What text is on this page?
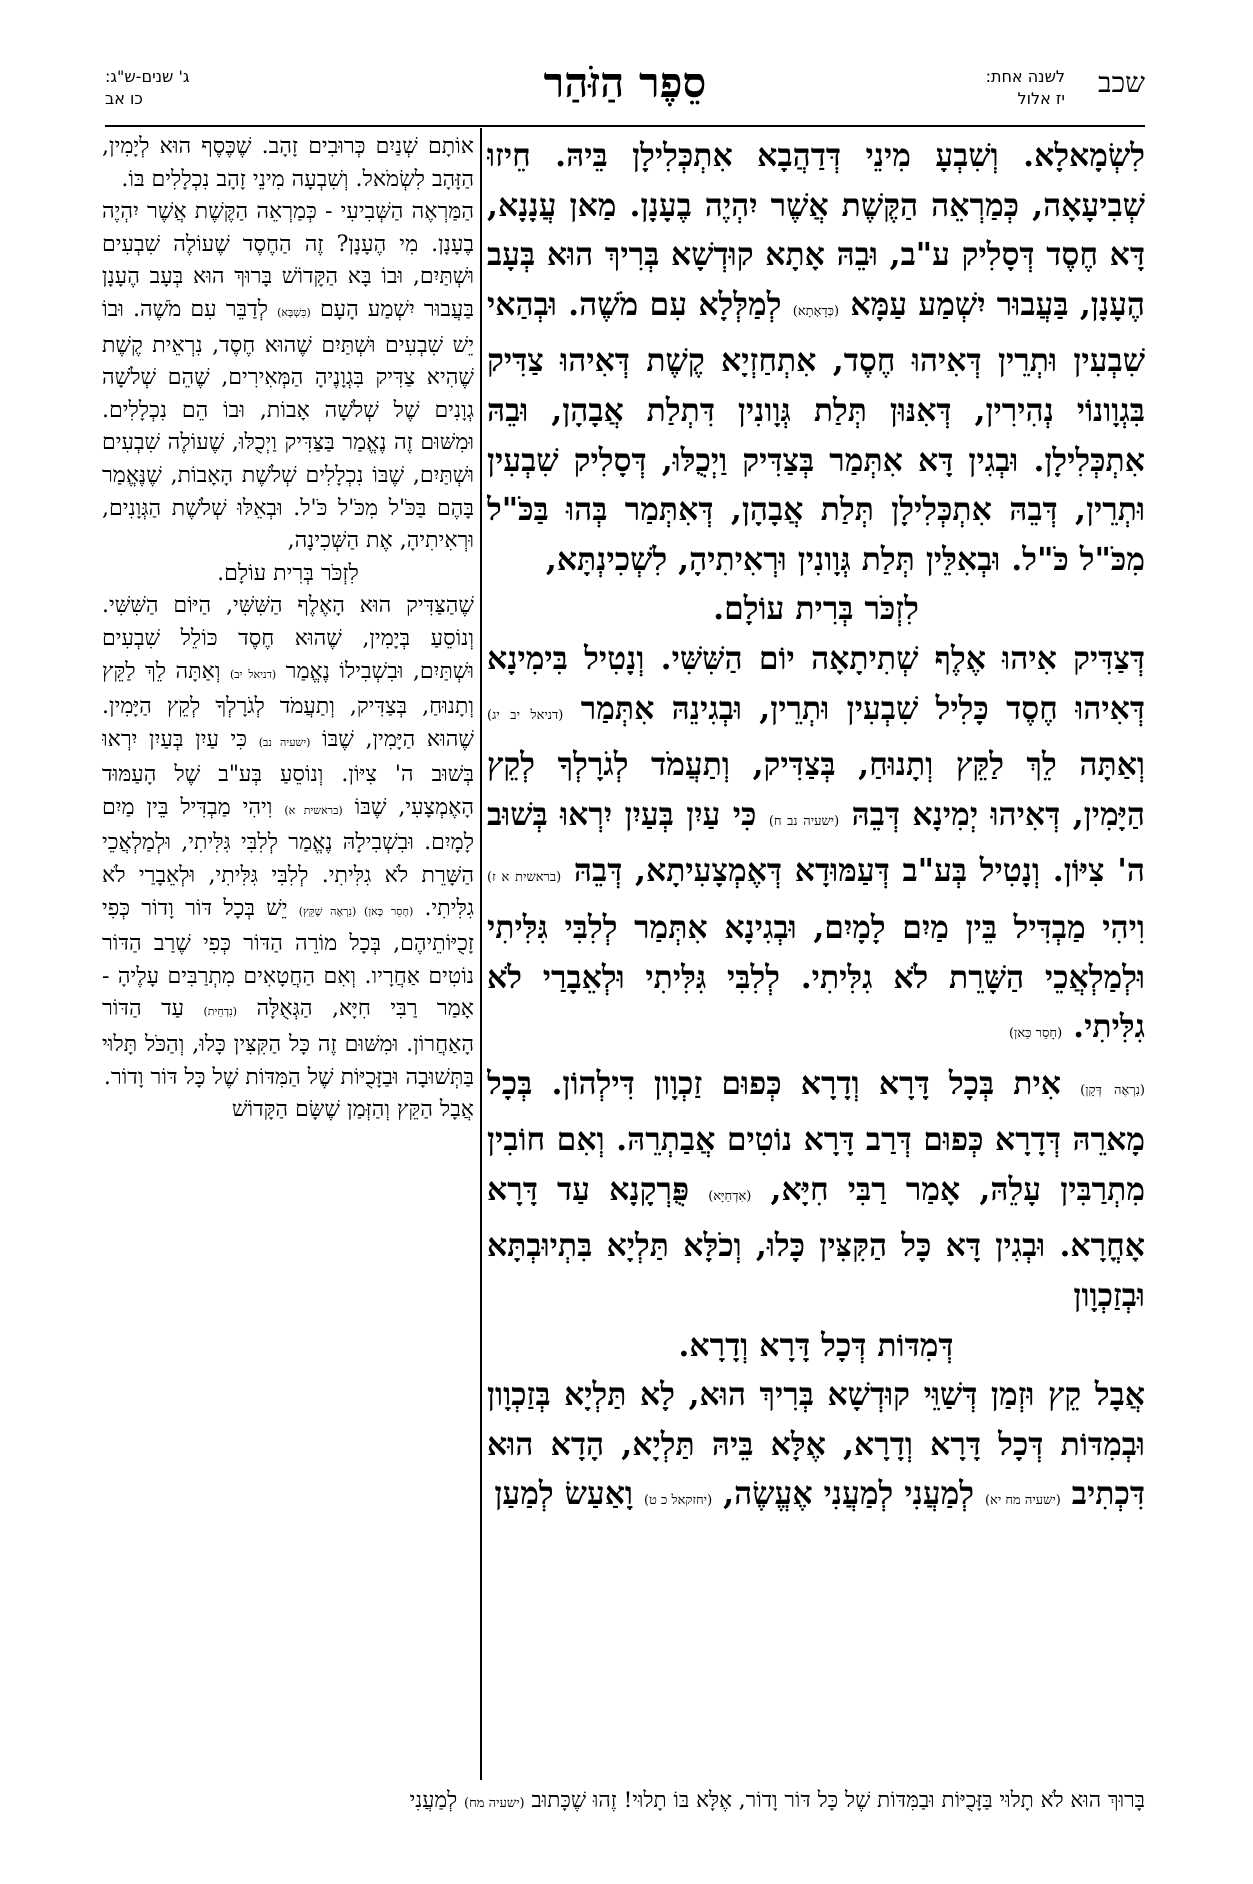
שכב
לשנה אחת:
יז אלול
סֵפֶר הַזֹּהַר
ג' שנים-ש"ג:
כו אב

לִשְׂמָאלָא. וְשִׁבְעָ מִינֵי דְּדַהֲבָא אִתְכְּלִילָן בֵּיהּ. חֵיזוּ שְׁבִיעָאָה, כְּמַרְאֵה הַקֶּשֶׁת אֲשֶׁר יִהְיֶה בֶעָנָן. מַאן עֲנָנָא, דָּא חֶסֶד דְּסָלִיק ע"ב, וּבֵהּ אָתָא קוּדְשָׁא בְּרִיךְ הוּא בְּעָב הֶעָנָן, בַּעֲבוּר יִשְׁמַע עַמָּא (כְּדָאָתָא) לְמַלְּלָא עִם מֹשֶׁה. וּבְהַאי שִׁבְעִין וּתְרֵין דְּאִיהוּ חֶסֶד, אִתְחַזְיָא קֶשֶׁת דְּאִיהוּ צַדִּיק בִּגְוָונוֹי נְהִירִין, דְּאִנּוּן תְּלַת גְּוָונִין דִּתְלַת אֲבָהָן, וּבֵהּ אִתְכְּלִילָן. וּבְגִין דָּא אִתְּמַר בְּצַדִּיק וַיְכֻלּוּ, דְּסָלִיק שִׁבְעִין וּתְרֵין, דְּבֵהּ אִתְכְּלִילָן תְּלַת אֲבָהָן, דְּאִתְּמַר בְּהוּ בַּכֹּ"ל מִכֹּ"ל כֹּ"ל. וּבְאִלֵּין תְּלַת גְּוָונִין וּרְאִיתִיהָ, לִשְׁכִינְתָּא,

לִזְכֹּר בְּרִית עוֹלָם.

דְּצַדִּיק אִיהוּ אֶלֶף שְׁתִיתָאָה יוֹם הַשִּׁשִּׁי. וְנָטִיל בִּימִינָא דְּאִיהוּ חֶסֶד כָּלִיל שִׁבְעִין וּתְרֵין, וּבְגִינֵהּ אִתְּמַר (דניאל יב יג) וְאַתָּה לֵךְ לַקֵּץ וְתָנוּחַ, בְּצַדִּיק, וְתַעֲמֹד לְגֹרָלְךָ לְקֵץ הַיָּמִין, דְּאִיהוּ יְמִינָא דְּבֵהּ (ישעיה נב ח) כִּי עַיִן בְּעַיִן יִרְאוּ בְּשׁוּב ה' צִיּוֹן. וְנָטִיל בְּע"ב דְּעַמּוּדָא דְּאֶמְצָעִיתָא, דְּבֵהּ (בראשית א ז) וִיהִי מַבְדִּיל בֵּין מַיִם לָמָיִם, וּבְגִינָא אִתְּמַר לְלִבִּי גִּלִּיתִי וּלְמַלְאֲכֵי הַשָּׁרֵת לֹא גִלִּיתִי. לְלִבִּי גִּלִּיתִי וּלְאֵבָרַי לֹא גִלִּיתִי. (חָסֵר כַּאן)

(נִרְאֶה דְּקָן) אִית בְּכָל דָּרָא וְדָרָא כְּפוּם זַכְוָון דִּילְהוֹן. בְּכָל מָארֵהּ דְּדָרָא כְּפוּם דְּרַב דָּרָא נוֹטִים אֲבַתְרֵהּ. וְאִם חוֹבִין מִתְרַבִּין עָלֵהּ, אָמַר רַבִּי חִיָּא, (אִדְחַיָּא) פֻּרְקָנָא עַד דָּרָא אָחֳרָא. וּבְגִין דָּא כָּל הַקִּצִּין כָּלוּ, וְכֹלָּא תַּלְיָא בִּתְיוּבְתָּא וּבְזַכְוָון

דְּמִדּוֹת דְּכָל דָּרָא וְדָרָא.

אֲבָל קֵץ וּזְמַן דְּשַׁוֵּי קוּדְשָׁא בְּרִיךְ הוּא, לָא תַּלְיָא בְּזַכְוָון וּבְמִדּוֹת דְּכָל דָּרָא וְדָרָא, אֶלָּא בֵּיהּ תַּלְיָא, הָדָא הוּא דִּכְתִיב (ישעיה מח יא) לְמַעֲנִי לְמַעֲנִי אֶעֱשֶׂה, (יחזקאל כ ט) וָאַעַשׂ לְמַעַן

אוֹתָם שְׁנַיִם כְּרוּבִים זָהָב. שֶׁכֶּסֶף הוּא לְיָמִין, הַזָּהָב לִשְׂמֹאל. וְשִׁבְעָה מִינֵי זָהָב נִכְלָלִים בּוֹ.

הַמַּרְאֶה הַשְּׁבִיעִי - כְּמַרְאֵה הַקֶּשֶׁת אֲשֶׁר יִהְיֶה בֶעָנָן. מִי הֶעָנָן? זֶה הַחֶסֶד שֶׁעוֹלֶה שִׁבְעִים וּשְׁתַּיִם, וּבוֹ בָּא הַקָּדוֹשׁ בָּרוּךְ הוּא בְּעָב הֶעָנָן בַּעֲבוּר יִשְׁמַע הָעָם (כִּשְׁבָּא) לְדַבֵּר עִם מֹשֶׁה. וּבוֹ יֵשׁ שִׁבְעִים וּשְׁתַּיִם שֶׁהוּא חֶסֶד, נִרְאֵית קֶשֶׁת שֶׁהִיא צַדִּיק בִּגְוָנֶיהָ הַמְּאִירִים, שֶׁהֵם שְׁלֹשָׁה גְוָנִים שֶׁל שְׁלֹשָׁה אָבוֹת, וּבוֹ הֵם נִכְלָלִים. וּמִשּׁוּם זֶה נֶאֱמַר בַּצַּדִּיק וַיְכֻלּוּ, שֶׁעוֹלֶה שִׁבְעִים וּשְׁתַּיִם, שֶׁבּוֹ נִכְלָלִים שְׁלֹשֶׁת הָאָבוֹת, שֶׁנֶּאֱמַר בָּהֶם בַּכֹּ'ל מִכֹּ'ל כֹּ'ל. וּבְאֵלּוּ שְׁלֹשֶׁת הַגְּוָנִים, וּרְאִיתִיהָ, אֶת הַשְּׁכִינָה,

לִזְכֹּר בְּרִית עוֹלָם.

שֶׁהַצַּדִּיק הוּא הָאֶלֶף הַשִּׁשִּׁי, הַיּוֹם הַשִּׁשִּׁי. וְנוֹסֵעַ בְּיָמִין, שֶׁהוּא חֶסֶד כּוֹלֵל שִׁבְעִים וּשְׁתַּיִם, וּבִשְׁבִילוֹ נֶאֱמַר (דניאל יב) וְאַתָּה לֵךְ לַקֵּץ וְתָנוּחַ, בְּצַדִּיק, וְתַעֲמֹד לְגֹרָלְךָ לְקֵץ הַיָּמִין. שֶׁהוּא הַיָּמִין, שֶׁבּוֹ (ישעיה נב) כִּי עַיִן בְּעַיִן יִרְאוּ בְּשׁוּב ה' צִיּוֹן. וְנוֹסֵעַ בְּע"ב שֶׁל הָעַמּוּד הָאֶמְצָעִי, שֶׁבּוֹ (בראשית א) וִיהִי מַבְדִּיל בֵּין מַיִם לָמָיִם. וּבִשְׁבִילָהּ נֶאֱמַר לְלִבִּי גִּלִּיתִי, וּלְמַלְאֲכֵי הַשָּׁרֵת לֹא גִלִּיתִי. לְלִבִּי גִּלִּיתִי, וּלְאֵבָרַי לֹא גִלִּיתִי. (חָסֵר כָּאן) (נִרְאֶה שֶׁקֵּץ) יֵשׁ בְּכָל דּוֹר וָדוֹר כְּפִי זָכֻיּוֹתֵיהֶם, בְּכָל מוֹרֵה הַדּוֹר כְּפִי שֶׁרַב הַדּוֹר נוֹטִים אַחֲרָיו. וְאִם הַחֲטָאִים מִתְרַבִּים עָלֶיהָ - אָמַר רַבִּי חִיָּא, הַגְּאֻלָּה (נִדְחֵית) עַד הַדּוֹר הָאַחֲרוֹן. וּמִשּׁוּם זֶה כָּל הַקִּצִּין כָּלוּ, וְהַכֹּל תָּלוּי בַּתְּשׁוּבָה וּבַזָּכֻיּוֹת שֶׁל הַמִּדּוֹת שֶׁל כָּל דּוֹר וָדוֹר.

אֲבָל הַקֵּץ וְהַזְּמַן שֶׁשָּׂם הַקָּדוֹשׁ

בָּרוּךְ הוּא לֹא תָלוּי בַּזָּכֻיּוֹת וּבַמִּדּוֹת שֶׁל כָּל דּוֹר וָדוֹר, אֶלָּא בּוֹ תָלוּי! זֶהוּ שֶׁכָּתוּב (ישעיה מח) לְמַעֲנִי
